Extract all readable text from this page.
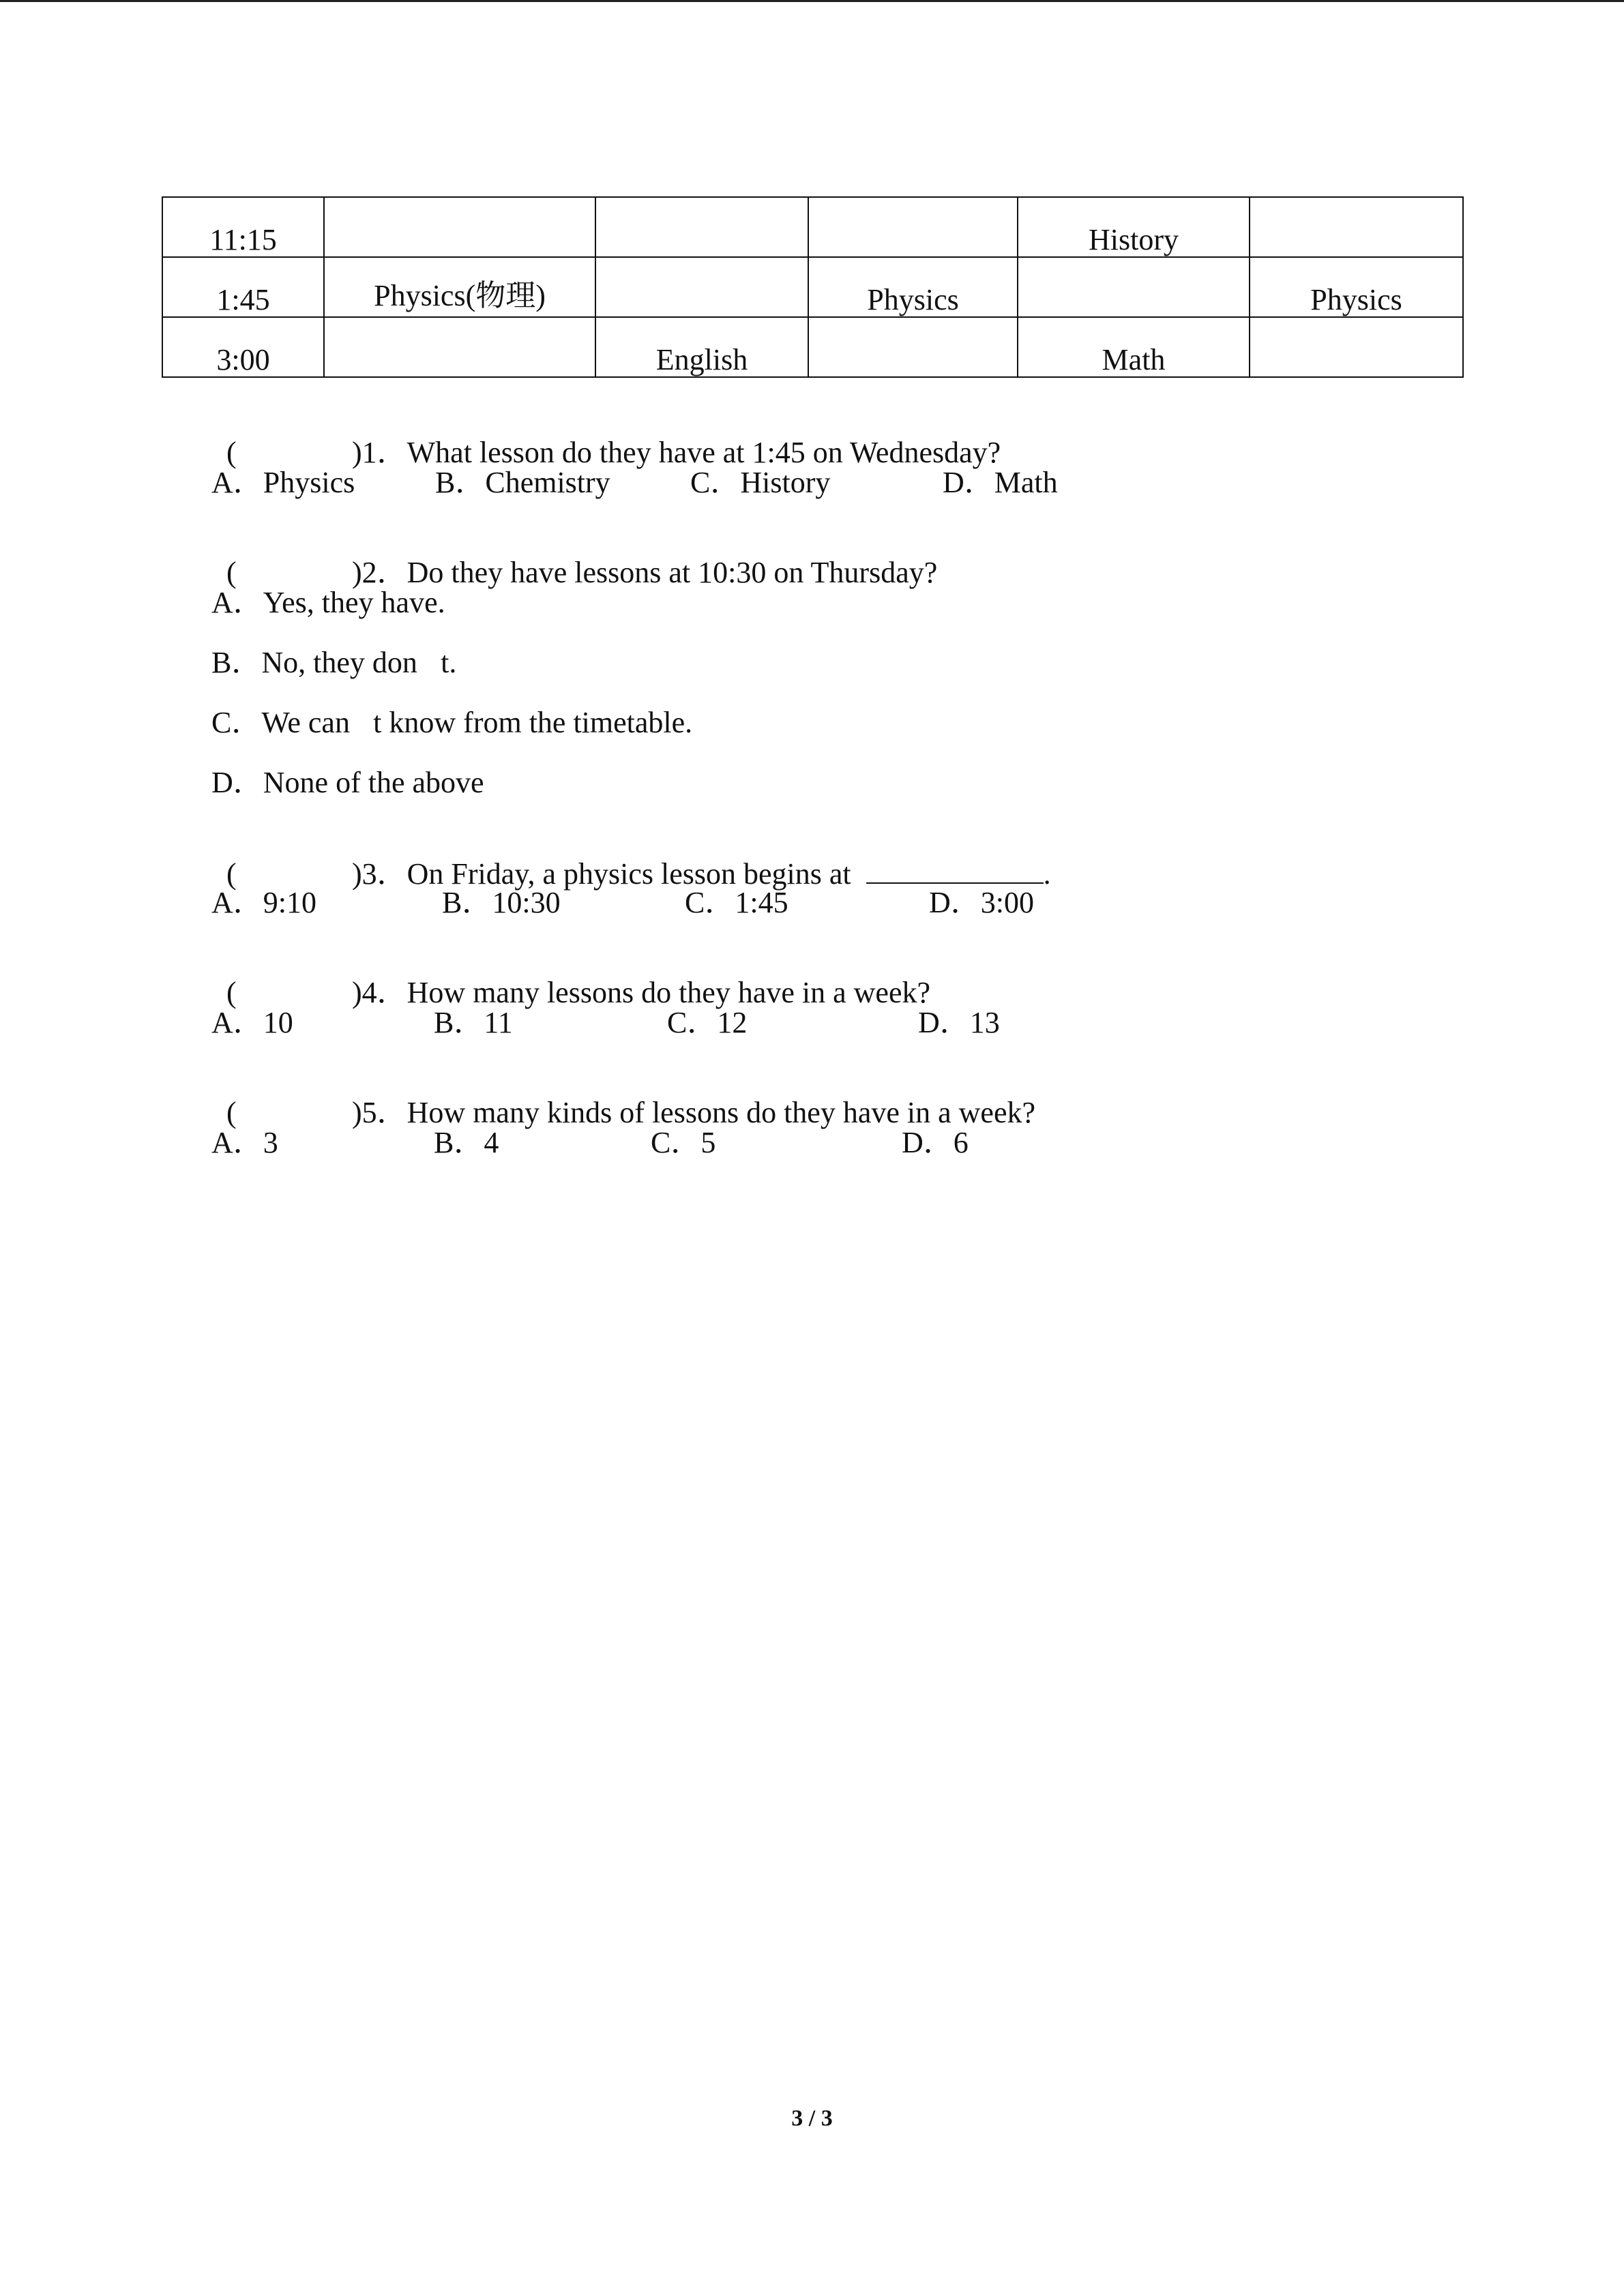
11:15				History	

1:45	Physics(物理)		Physics		Physics

3:00		English		Math	

(	)1．What lesson do they have at 1:45 on Wednesday?

A．Physics	B．Chemistry	C．History	D．Math

(	)2．Do they have lessons at 10:30 on Thursday?

A．Yes, they have.
B．No, they don t.
C．We can t know from the timetable.
D．None of the above

(	)3．On Friday, a physics lesson begins at	.

A．9:10	B．10:30	C．1:45	D．3:00

(	)4．How many lessons do they have in a week?

A．10	B．11	C．12	D．13

(	)5．How many kinds of lessons do they have in a week?

A．3	B．4	C．5	D．6
3 / 3
